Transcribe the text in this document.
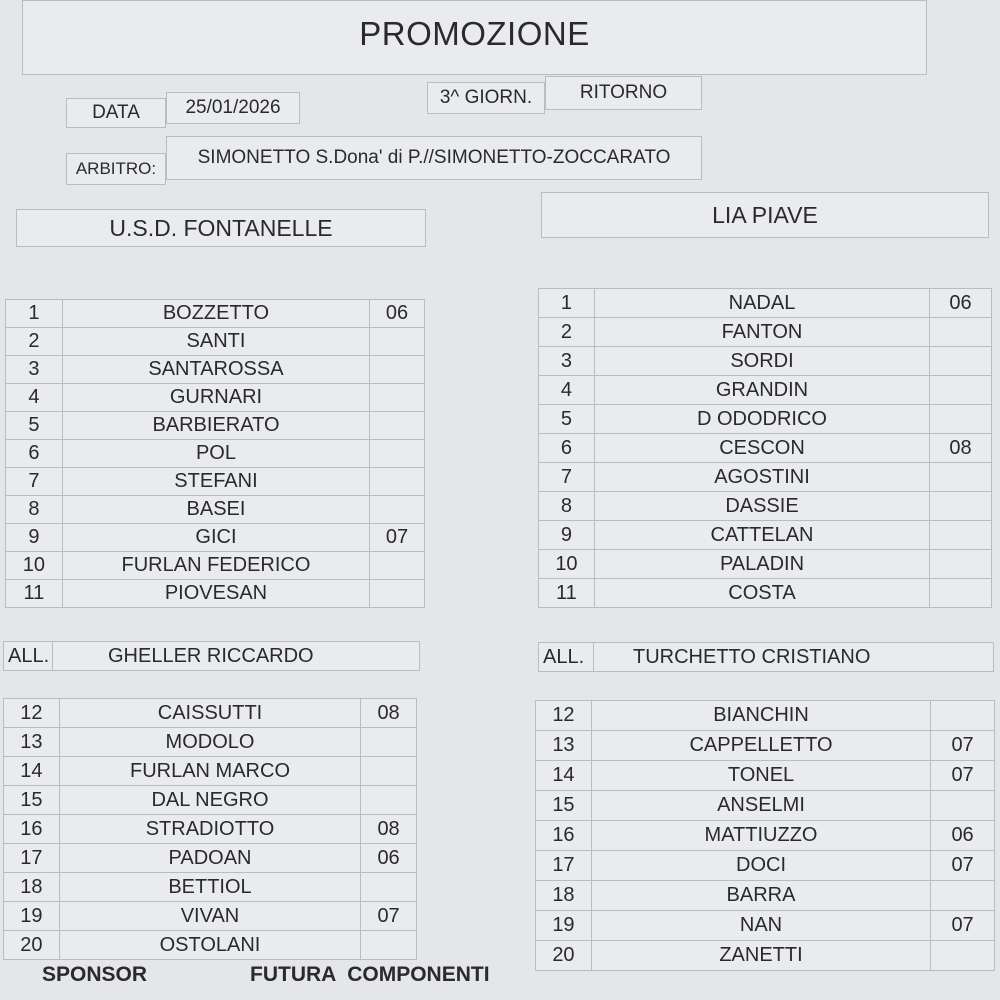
PROMOZIONE
DATA	25/01/2026	3^ GIORN.	RITORNO
ARBITRO:
SIMONETTO S.Dona' di P.//SIMONETTO-ZOCCARATO
U.S.D. FONTANELLE	LIA PIAVE
1	BOZZETTO	06
2	SANTI	
3	SANTAROSSA	
4	GURNARI	
5	BARBIERATO	
6	POL	
7	STEFANI	
8	BASEI	
9	GICI	07
10	FURLAN FEDERICO	
11	PIOVESAN	
1	NADAL	06
2	FANTON	
3	SORDI	
4	GRANDIN	
5	D ODODRICO	
6	CESCON	08
7	AGOSTINI	
8	DASSIE	
9	CATTELAN	
10	PALADIN	
11	COSTA	
ALL.	GHELLER RICCARDO	ALL.	TURCHETTO CRISTIANO
12	CAISSUTTI	08
13	MODOLO	
14	FURLAN MARCO	
15	DAL NEGRO	
16	STRADIOTTO	08
17	PADOAN	06
18	BETTIOL	
19	VIVAN	07
20	OSTOLANI	
12	BIANCHIN	
13	CAPPELLETTO	07
14	TONEL	07
15	ANSELMI	
16	MATTIUZZO	06
17	DOCI	07
18	BARRA	
19	NAN	07
20	ZANETTI	
SPONSOR	FUTURA  COMPONENTI
